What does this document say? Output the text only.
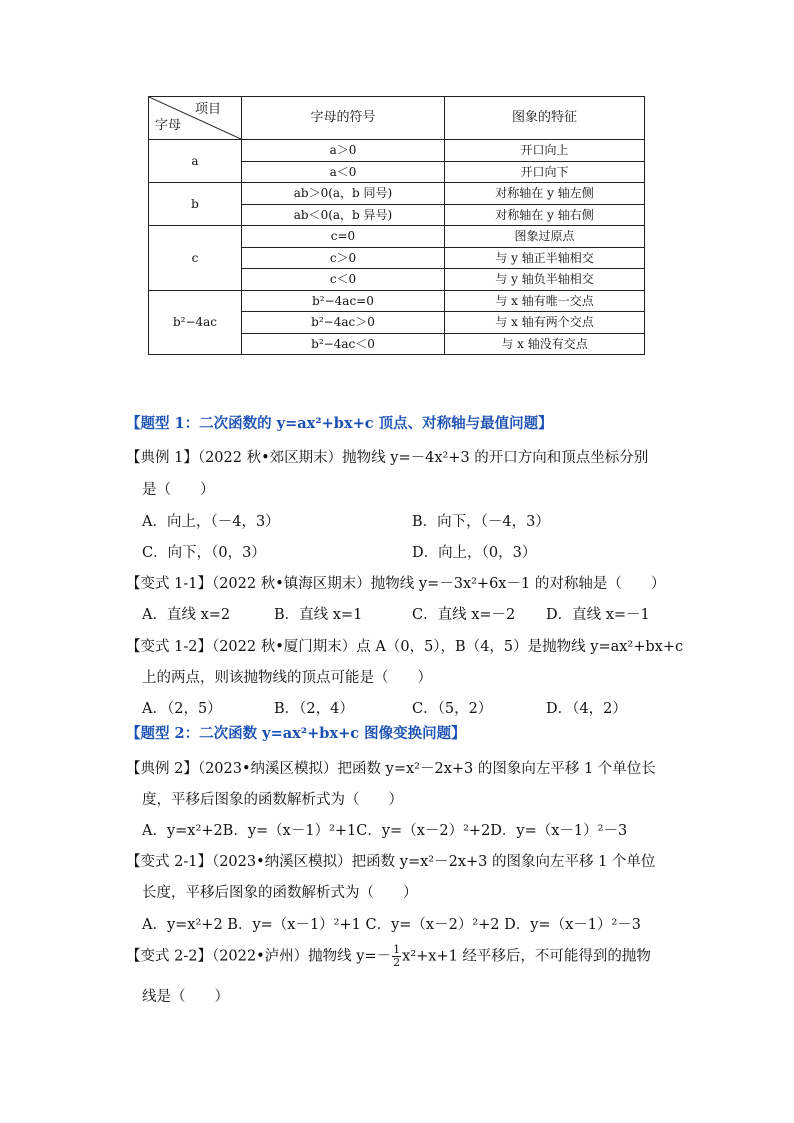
项目
字母	字母的符号	图象的特征
a	a＞0	开口向上
	a＜0	开口向下
b	ab＞0(a，b 同号)	对称轴在 y 轴左侧
	ab＜0(a，b 异号)	对称轴在 y 轴右侧
c	c=0	图象过原点
	c＞0	与 y 轴正半轴相交
	c＜0	与 y 轴负半轴相交
b²−4ac	b²−4ac=0	与 x 轴有唯一交点
	b²−4ac＞0	与 x 轴有两个交点
	b²−4ac＜0	与 x 轴没有交点
【题型 1：二次函数的 y=ax²+bx+c 顶点、对称轴与最值问题】
【典例 1】（2022 秋•郊区期末）抛物线 y=－4x²+3 的开口方向和顶点坐标分别
是（　　）
A．向上，（－4，3）	B．向下，（－4，3）
C．向下，（0，3）	D．向上，（0，3）
【变式 1-1】（2022 秋•镇海区期末）抛物线 y=－3x²+6x－1 的对称轴是（　　）
A．直线 x=2	B．直线 x=1	C．直线 x=－2 D．直线 x=－1
【变式 1-2】（2022 秋•厦门期末）点 A（0，5），B（4，5）是抛物线 y=ax²+bx+c
上的两点，则该抛物线的顶点可能是（　　）
A．（2，5）	B．（2，4）	C．（5，2）	D．（4，2）
【题型 2：二次函数 y=ax²+bx+c 图像变换问题】
【典例 2】（2023•纳溪区模拟）把函数 y=x²－2x+3 的图象向左平移 1 个单位长
度，平移后图象的函数解析式为（　　）
A．y=x²+2B．y=（x－1）²+1C．y=（x－2）²+2D．y=（x－1）²－3
【变式 2-1】（2023•纳溪区模拟）把函数 y=x²－2x+3 的图象向左平移 1 个单位
长度，平移后图象的函数解析式为（　　）
A．y=x²+2 B．y=（x－1）²+1 C．y=（x－2）²+2 D．y=（x－1）²－3
【变式 2-2】（2022•泸州）抛物线 $y=- \frac{1}{2} x^2+x+1$ 经平移后，不可能得到的抛物
线是（　　）
